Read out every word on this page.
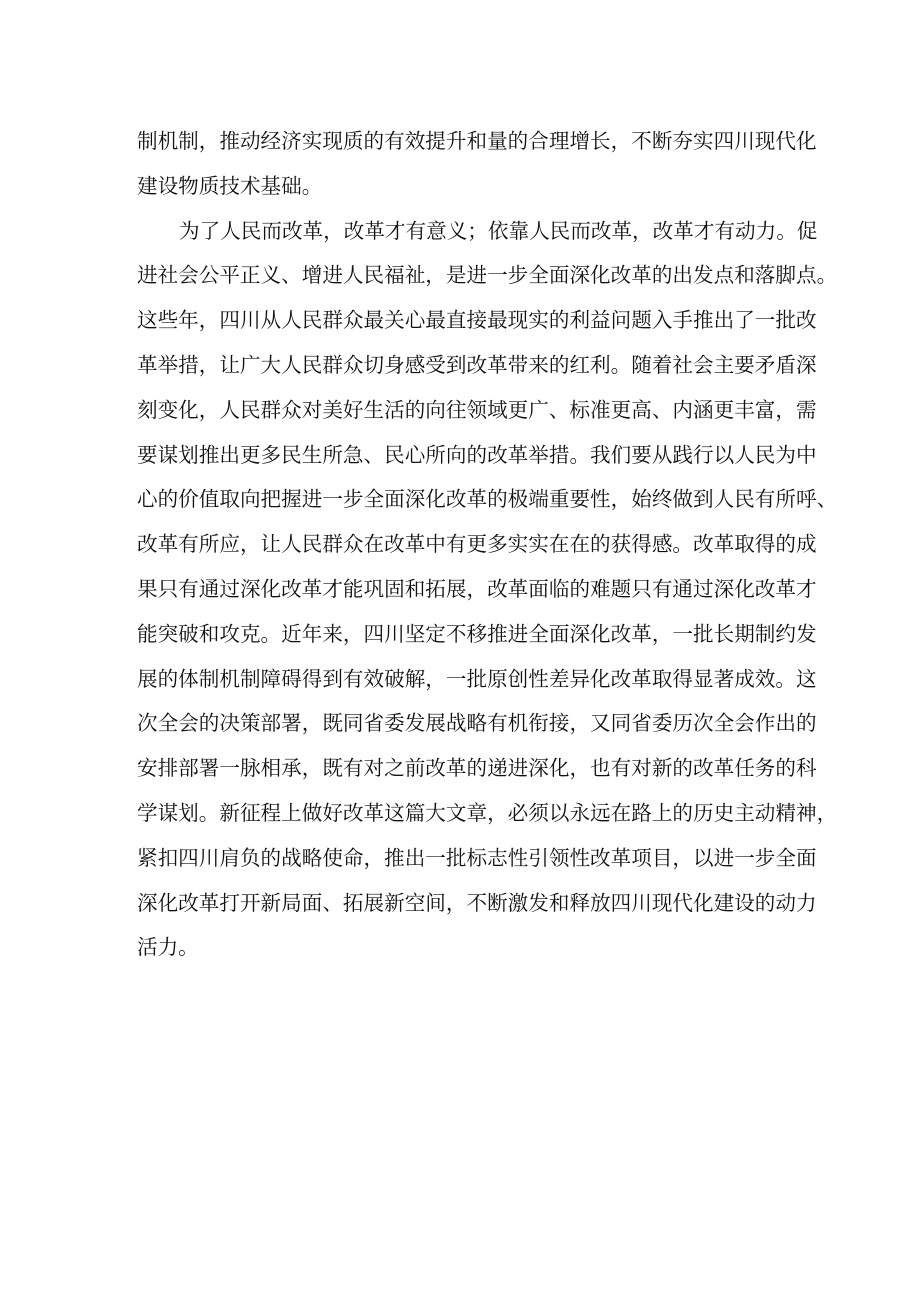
制机制，推动经济实现质的有效提升和量的合理增长，不断夯实四川现代化
建设物质技术基础。
为了人民而改革，改革才有意义；依靠人民而改革，改革才有动力。促
进社会公平正义、增进人民福祉，是进一步全面深化改革的出发点和落脚点。
这些年，四川从人民群众最关心最直接最现实的利益问题入手推出了一批改
革举措，让广大人民群众切身感受到改革带来的红利。随着社会主要矛盾深
刻变化，人民群众对美好生活的向往领域更广、标准更高、内涵更丰富，需
要谋划推出更多民生所急、民心所向的改革举措。我们要从践行以人民为中
心的价值取向把握进一步全面深化改革的极端重要性，始终做到人民有所呼、
改革有所应，让人民群众在改革中有更多实实在在的获得感。改革取得的成
果只有通过深化改革才能巩固和拓展，改革面临的难题只有通过深化改革才
能突破和攻克。近年来，四川坚定不移推进全面深化改革，一批长期制约发
展的体制机制障碍得到有效破解，一批原创性差异化改革取得显著成效。这
次全会的决策部署，既同省委发展战略有机衔接，又同省委历次全会作出的
安排部署一脉相承，既有对之前改革的递进深化，也有对新的改革任务的科
学谋划。新征程上做好改革这篇大文章，必须以永远在路上的历史主动精神，
紧扣四川肩负的战略使命，推出一批标志性引领性改革项目，以进一步全面
深化改革打开新局面、拓展新空间，不断激发和释放四川现代化建设的动力
活力。
